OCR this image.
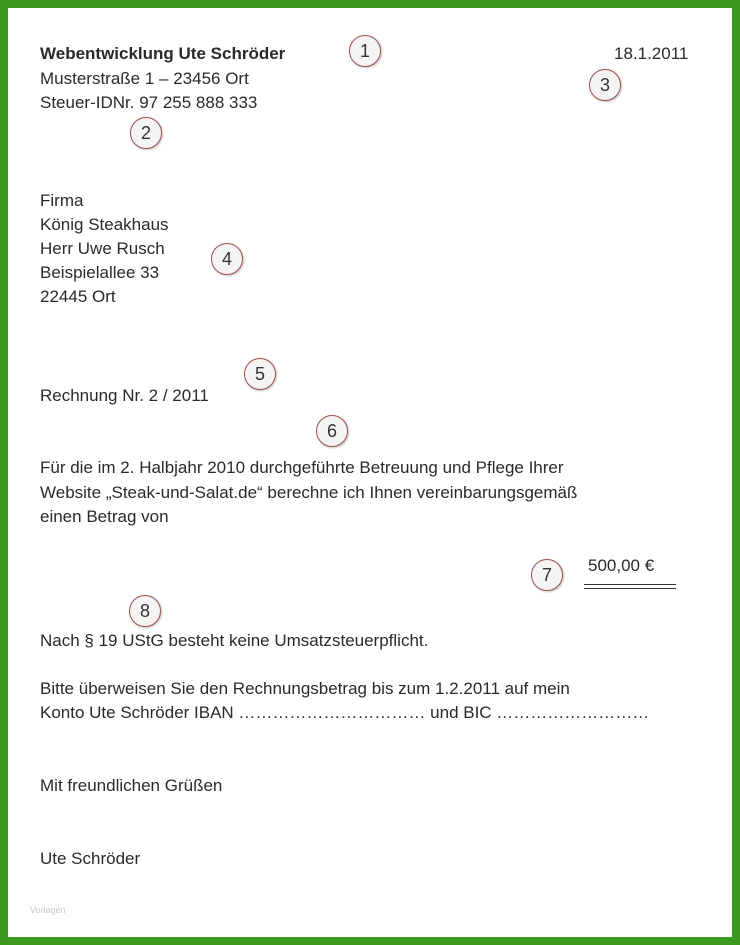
Webentwicklung Ute Schröder
Musterstraße 1 – 23456 Ort
Steuer-IDNr. 97 255 888 333
18.1.2011
Firma
König Steakhaus
Herr Uwe Rusch
Beispielallee 33
22445 Ort
Rechnung Nr. 2 / 2011
Für die im 2. Halbjahr 2010 durchgeführte Betreuung und Pflege Ihrer
Website „Steak-und-Salat.de“ berechne ich Ihnen vereinbarungsgemäß
einen Betrag von
500,00 €
Nach § 19 UStG besteht keine Umsatzsteuerpflicht.
Bitte überweisen Sie den Rechnungsbetrag bis zum 1.2.2011 auf mein
Konto Ute Schröder IBAN …………………………… und BIC ………………………
Mit freundlichen Grüßen
Ute Schröder
Vorlagen
1
2
3
4
5
6
7
8
